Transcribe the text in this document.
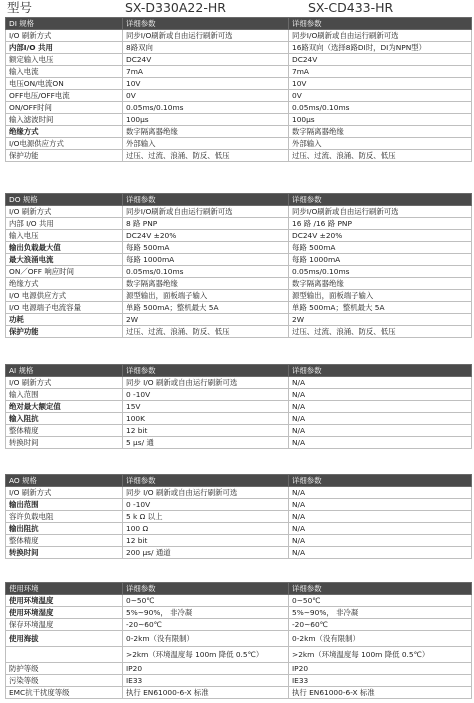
型号	SX-D330A22-HR	SX-CD433-HR
DI 规格	详细参数	详细参数
I/O 刷新方式	同步I/O刷新或自由运行刷新可选	同步I/O刷新或自由运行刷新可选
内部I/O 共用	8路双向	16路双向（选择8路DI时，DI为NPN型）
额定输入电压	DC24V	DC24V
输入电流	7mA	7mA
电压ON/电流ON	10V	10V
OFF电压/OFF电流	0V	0V
ON/OFF时间	0.05ms/0.10ms	0.05ms/0.10ms
输入滤波时间	100μs	100μs
绝缘方式	数字隔离器绝缘	数字隔离器绝缘
I/O电源供应方式	外部输入	外部输入
保护功能	过压、过流、浪涌、防反、低压	过压、过流、浪涌、防反、低压
DO 规格	详细参数	详细参数
I/O 刷新方式	同步I/O刷新或自由运行刷新可选	同步I/O刷新或自由运行刷新可选
内部 I/O 共用	8 路 PNP	16 路 /16 路 PNP
输入电压	DC24V ±20%	DC24V ±20%
输出负载最大值	每路 500mA	每路 500mA
最大浪涌电流	每路 1000mA	每路 1000mA
ON／OFF 响应时间	0.05ms/0.10ms	0.05ms/0.10ms
绝缘方式	数字隔离器绝缘	数字隔离器绝缘
I/O 电源供应方式	源型输出，面板端子输入	源型输出，面板端子输入
I/O 电源端子电流容量	单路 500mA；整机最大 5A	单路 500mA；整机最大 5A
功耗	2W	2W
保护功能	过压、过流、浪涌、防反、低压	过压、过流、浪涌、防反、低压
AI 规格	详细参数	详细参数
I/O 刷新方式	同步 I/O 刷新或自由运行刷新可选	N/A
输入范围	0 -10V	N/A
绝对最大额定值	15V	N/A
输入阻抗	100K	N/A
整体精度	12 bit	N/A
转换时间	5 μs/ 通	N/A
AO 规格	详细参数	详细参数
I/O 刷新方式	同步 I/O 刷新或自由运行刷新可选	N/A
输出范围	0 -10V	N/A
容许负载电阻	5 k Ω 以上	N/A
输出阻抗	100 Ω	N/A
整体精度	12 bit	N/A
转换时间	200 μs/ 通道	N/A
使用环境	详细参数	详细参数
使用环境温度	0~50℃	0~50℃
使用环境湿度	5%~90%， 非冷凝	5%~90%， 非冷凝
保存环境温度	-20~60℃	-20~60℃
使用海拔	0-2km（没有限制）	0-2km（没有限制）
	>2km（环境温度每 100m 降低 0.5℃）	>2km（环境温度每 100m 降低 0.5℃）
防护等级	IP20	IP20
污染等级	IE33	IE33
EMC抗干扰度等级	执行 EN61000-6-X 标准	执行 EN61000-6-X 标准
